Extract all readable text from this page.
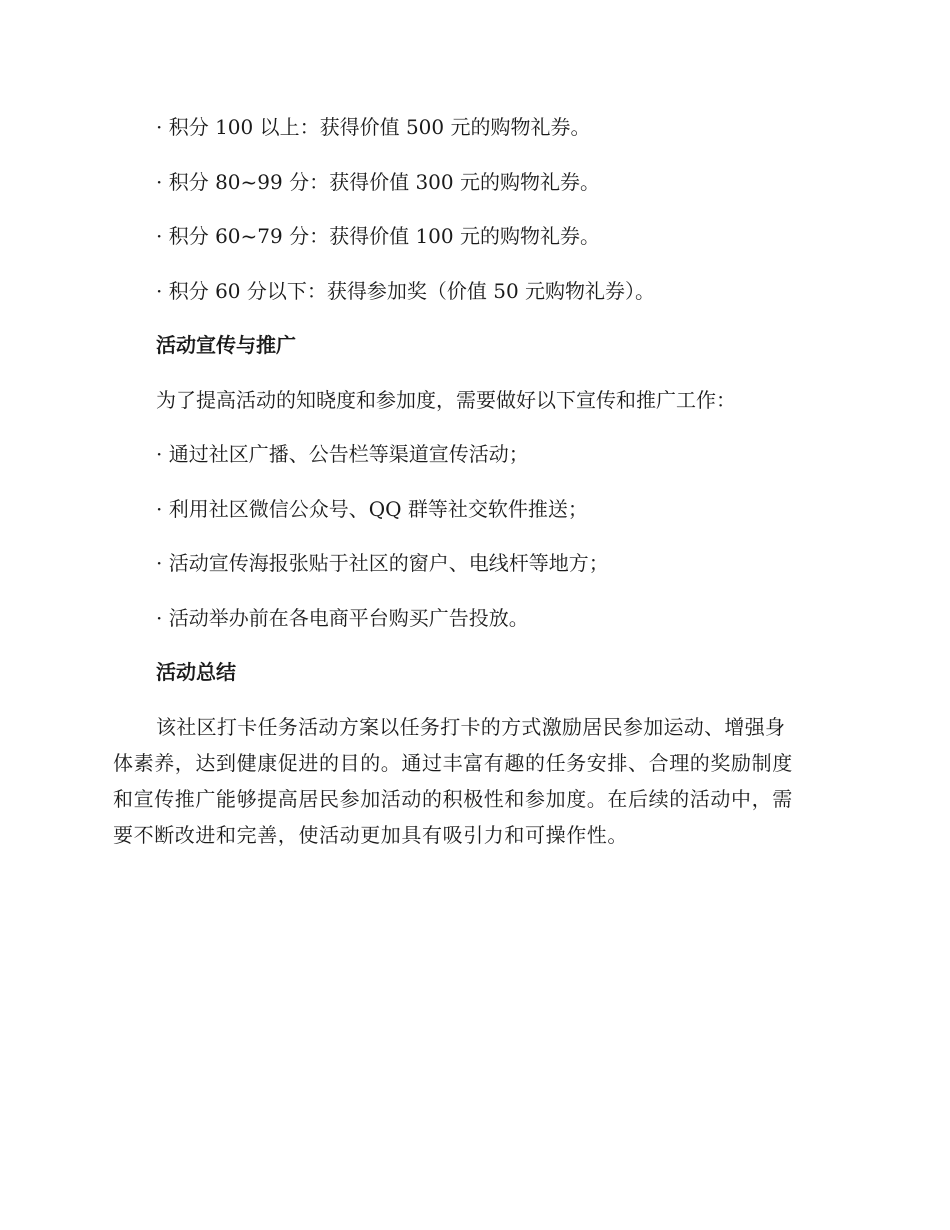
· 积分 100 以上：获得价值 500 元的购物礼券。
· 积分 80~99 分：获得价值 300 元的购物礼券。
· 积分 60~79 分：获得价值 100 元的购物礼券。
· 积分 60 分以下：获得参加奖（价值 50 元购物礼券）。
活动宣传与推广
为了提高活动的知晓度和参加度，需要做好以下宣传和推广工作：
· 通过社区广播、公告栏等渠道宣传活动；
· 利用社区微信公众号、QQ 群等社交软件推送；
· 活动宣传海报张贴于社区的窗户、电线杆等地方；
· 活动举办前在各电商平台购买广告投放。
活动总结
该社区打卡任务活动方案以任务打卡的方式激励居民参加运动、增强身
体素养，达到健康促进的目的。通过丰富有趣的任务安排、合理的奖励制度
和宣传推广能够提高居民参加活动的积极性和参加度。在后续的活动中，需
要不断改进和完善，使活动更加具有吸引力和可操作性。
